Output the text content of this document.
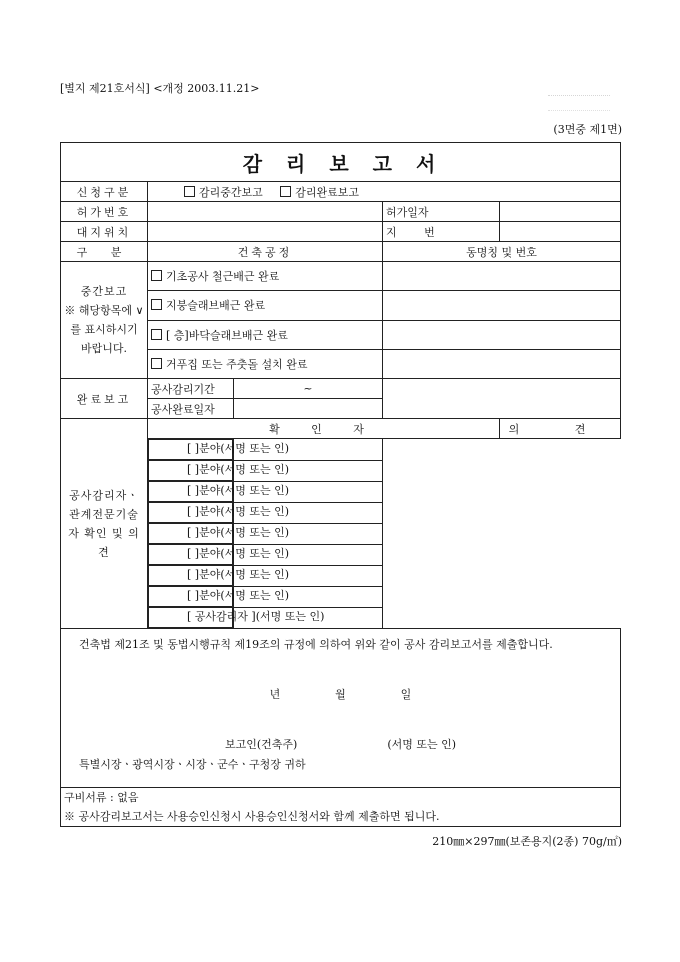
[별지 제21호서식] <개정 2003.11.21>
(3면중 제1면)
감리보고서				
신청구분	감리중간보고 감리완료보고			
허가번호			허가일자	
대지위치			지 번	
구 분	건축공정		동명칭 및 번호	

중간보고
※ 해당항목에 ∨를 표시하시기 바랍니다.	기초공사 철근배근 완료			
	지붕슬래브배근 완료			
	[ 층]바닥슬래브배근 완료			
	거푸집 또는 주춧돌 설치 완료			
완료보고	공사감리기간	~		
	공사완료일자			
공사감리자ㆍ관계전문기술자 확인 및 의견	확 인 자			의 견

[ ]분야 (서명 또는 인)

[ ]분야 (서명 또는 인)

[ ]분야 (서명 또는 인)

[ ]분야 (서명 또는 인)

[ ]분야 (서명 또는 인)

[ ]분야 (서명 또는 인)

[ ]분야 (서명 또는 인)

[ ]분야 (서명 또는 인)

[ 공사감리자 ] (서명 또는 인)

건축법 제21조 및 동법시행규칙 제19조의 규정에 의하여 위와 같이 공사 감리보고서를 제출합니다.
년 월 일
보고인(건축주) (서명 또는 인)
특별시장ㆍ광역시장ㆍ시장ㆍ군수ㆍ구청장 귀하				

구비서류 : 없음
※ 공사감리보고서는 사용승인신청시 사용승인신청서와 함께 제출하면 됩니다.				
210㎜×297㎜(보존용지(2종) 70g/㎡)
